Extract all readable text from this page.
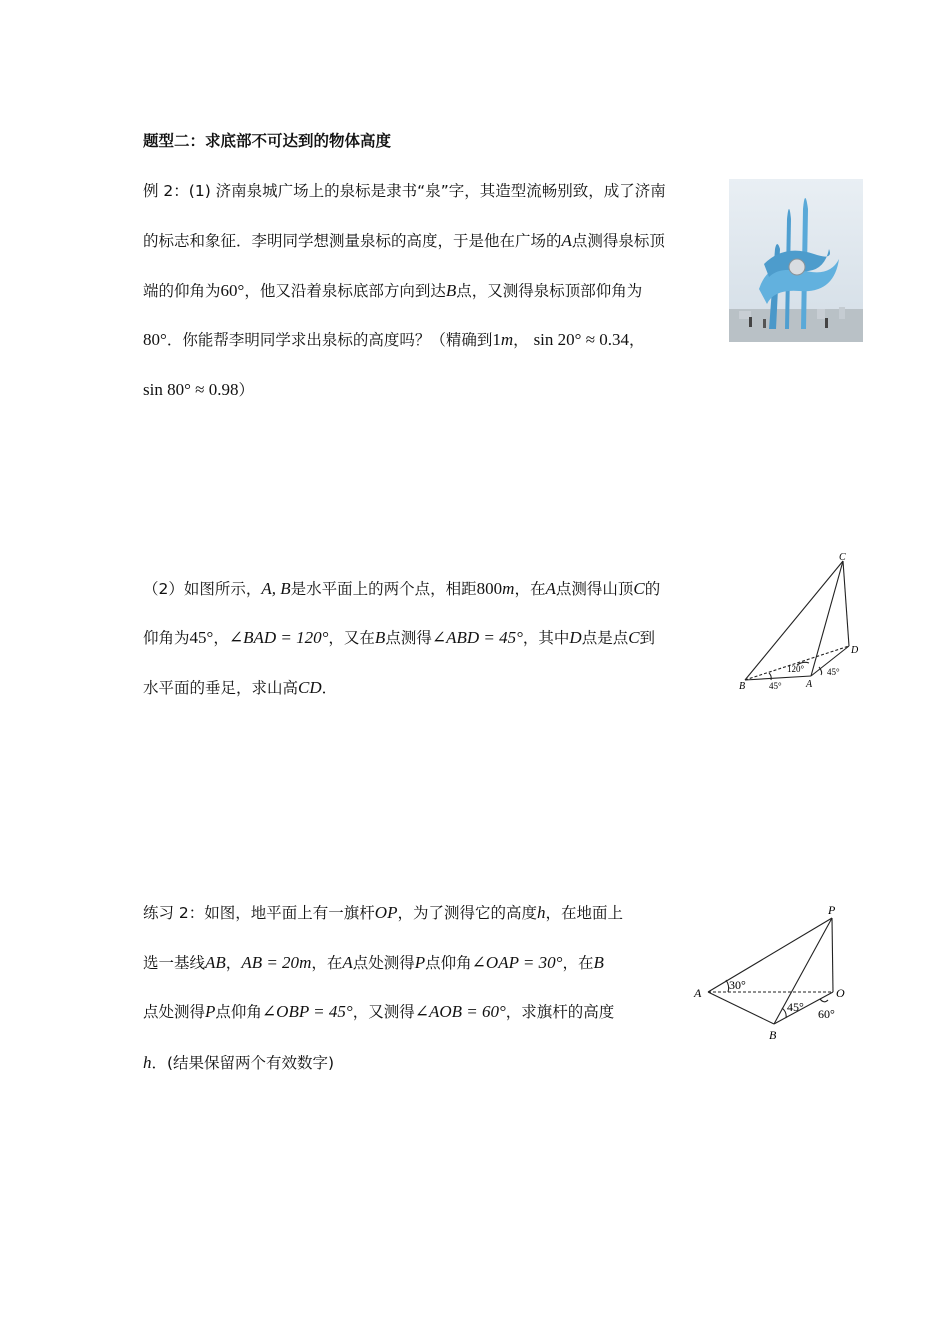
题型二：求底部不可达到的物体高度
例 2：(1) 济南泉城广场上的泉标是隶书“泉”字，其造型流畅别致，成了济南
的标志和象征．李明同学想测量泉标的高度，于是他在广场的A点测得泉标顶
端的仰角为60°，他又沿着泉标底部方向到达B点，又测得泉标顶部仰角为
80°．你能帮李明同学求出泉标的高度吗？（精确到1m， sin 20° ≈ 0.34，
sin 80° ≈ 0.98）
（2）如图所示，A, B是水平面上的两个点，相距800m，在A点测得山顶C的
仰角为45°，∠BAD = 120°，又在B点测得∠ABD = 45°，其中D点是点C到
水平面的垂足，求山高CD．
C
D
B	A
120°	45°
45°
练习 2：如图，地平面上有一旗杆OP，为了测得它的高度h，在地面上
选一基线AB，AB = 20m，在A点处测得P点仰角∠OAP = 30°，在B
点处测得P点仰角∠OBP = 45°，又测得∠AOB = 60°，求旗杆的高度
h．(结果保留两个有效数字)
P
A	O
B
30°
45° 60°
